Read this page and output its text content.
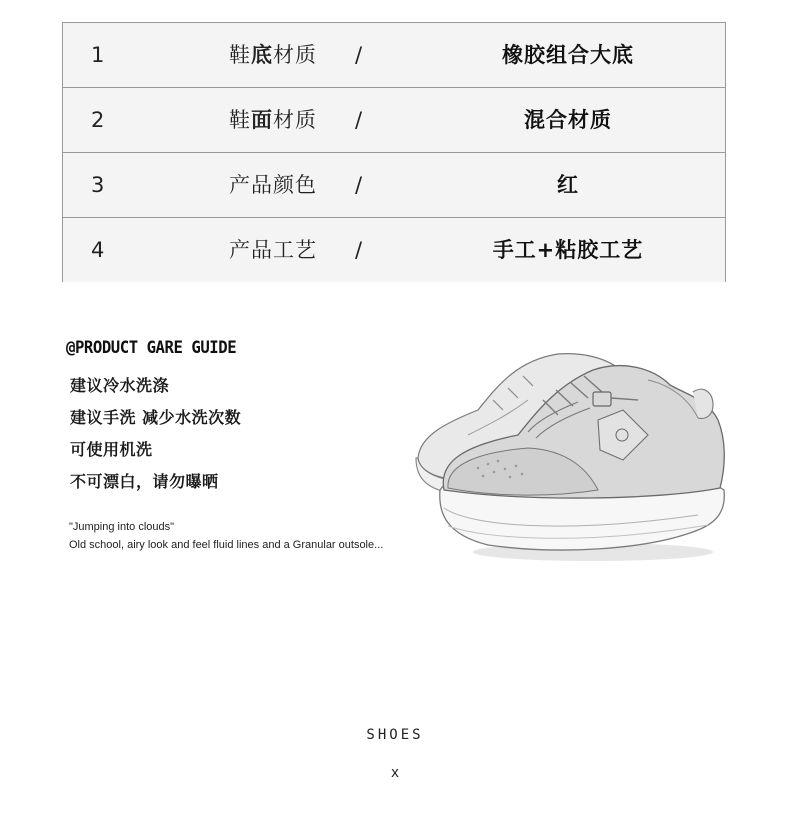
1	鞋底材质 /	橡胶组合大底
2	鞋面材质 /	混合材质
3	产品颜色 /	红
4	产品工艺 /	手工+粘胶工艺
@PRODUCT GARE GUIDE
建议冷水洗涤
建议手洗 减少水洗次数
可使用机洗
不可漂白，请勿曝晒
"Jumping into clouds"
Old school, airy look and feel fluid lines and a Granular outsole...
SHOES
x
